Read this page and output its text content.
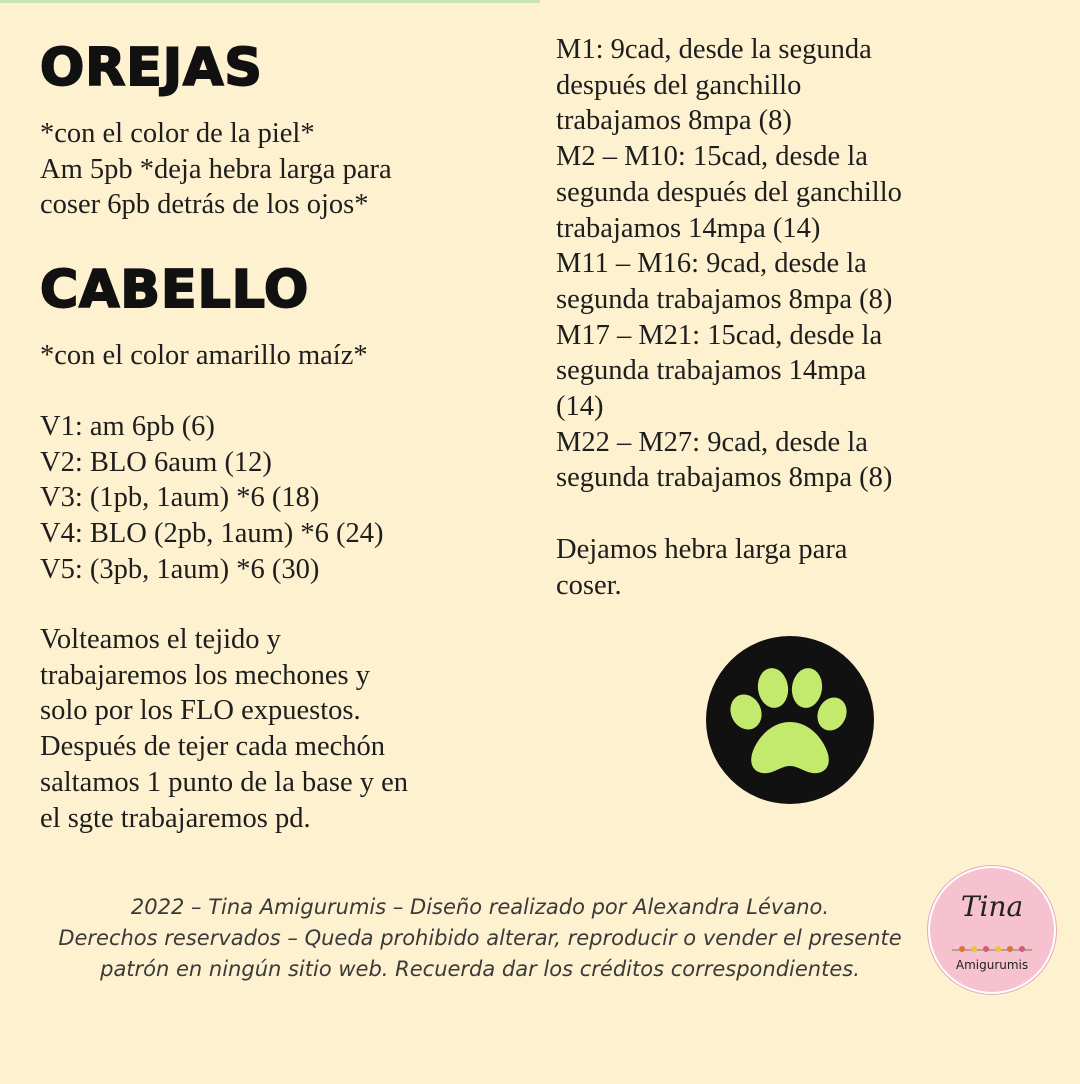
OREJAS

*con el color de la piel*

Am 5pb *deja hebra larga para

coser 6pb detrás de los ojos*

CABELLO

*con el color amarillo maíz*

V1: am 6pb (6)

V2: BLO 6aum (12)

V3: (1pb, 1aum) *6 (18)

V4: BLO (2pb, 1aum) *6 (24)

V5: (3pb, 1aum) *6 (30)

Volteamos el tejido y

trabajaremos los mechones y

solo por los FLO expuestos.

Después de tejer cada mechón

saltamos 1 punto de la base y en

el sgte trabajaremos pd.

M1: 9cad, desde la segunda

después del ganchillo

trabajamos 8mpa (8)

M2 – M10: 15cad, desde la

segunda después del ganchillo

trabajamos 14mpa (14)

M11 – M16: 9cad, desde la

segunda trabajamos 8mpa (8)

M17 – M21: 15cad, desde la

segunda trabajamos 14mpa

(14)

M22 – M27: 9cad, desde la

segunda trabajamos 8mpa (8)

Dejamos hebra larga para

coser.

2022 – Tina Amigurumis – Diseño realizado por Alexandra Lévano.
Derechos reservados – Queda prohibido alterar, reproducir o vender el presente
patrón en ningún sitio web. Recuerda dar los créditos correspondientes.
Tina
Amigurumis
